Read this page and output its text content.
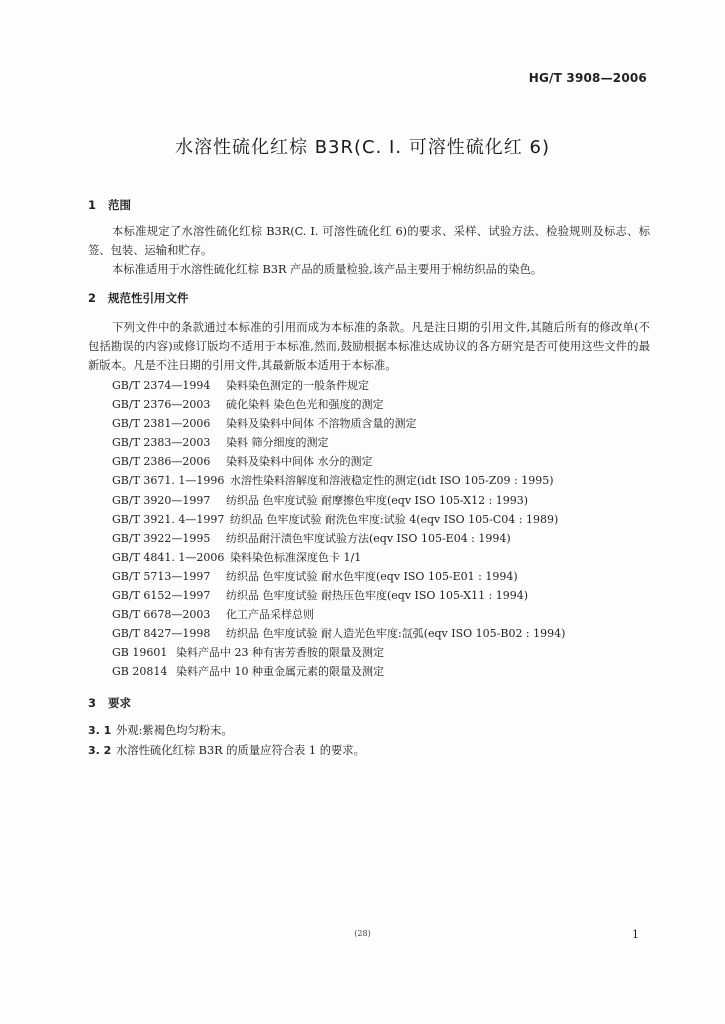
HG/T 3908—2006
水溶性硫化红棕 B3R(C. I. 可溶性硫化红 6)
1 范围
本标准规定了水溶性硫化红棕 B3R(C. I. 可溶性硫化红 6)的要求、采样、试验方法、检验规则及标志、标签、包装、运输和贮存。
本标准适用于水溶性硫化红棕 B3R 产品的质量检验,该产品主要用于棉纺织品的染色。
2 规范性引用文件
下列文件中的条款通过本标准的引用而成为本标准的条款。凡是注日期的引用文件,其随后所有的修改单(不包括勘误的内容)或修订版均不适用于本标准,然而,鼓励根据本标准达成协议的各方研究是否可使用这些文件的最新版本。凡是不注日期的引用文件,其最新版本适用于本标准。
GB/T 2374—1994 染料染色测定的一般条件规定
GB/T 2376—2003 硫化染料 染色色光和强度的测定
GB/T 2381—2006 染料及染料中间体 不溶物质含量的测定
GB/T 2383—2003 染料 筛分细度的测定
GB/T 2386—2006 染料及染料中间体 水分的测定
GB/T 3671. 1—1996 水溶性染料溶解度和溶液稳定性的测定(idt ISO 105-Z09 : 1995)
GB/T 3920—1997 纺织品 色牢度试验 耐摩擦色牢度(eqv ISO 105-X12 : 1993)
GB/T 3921. 4—1997 纺织品 色牢度试验 耐洗色牢度:试验 4(eqv ISO 105-C04 : 1989)
GB/T 3922—1995 纺织品耐汗渍色牢度试验方法(eqv ISO 105-E04 : 1994)
GB/T 4841. 1—2006 染料染色标准深度色卡 1/1
GB/T 5713—1997 纺织品 色牢度试验 耐水色牢度(eqv ISO 105-E01 : 1994)
GB/T 6152—1997 纺织品 色牢度试验 耐热压色牢度(eqv ISO 105-X11 : 1994)
GB/T 6678—2003 化工产品采样总则
GB/T 8427—1998 纺织品 色牢度试验 耐人造光色牢度:氙弧(eqv ISO 105-B02 : 1994)
GB 19601 染料产品中 23 种有害芳香胺的限量及测定
GB 20814 染料产品中 10 种重金属元素的限量及测定
3 要求
3. 1 外观:紫褐色均匀粉末。
3. 2 水溶性硫化红棕 B3R 的质量应符合表 1 的要求。
(28)	1
